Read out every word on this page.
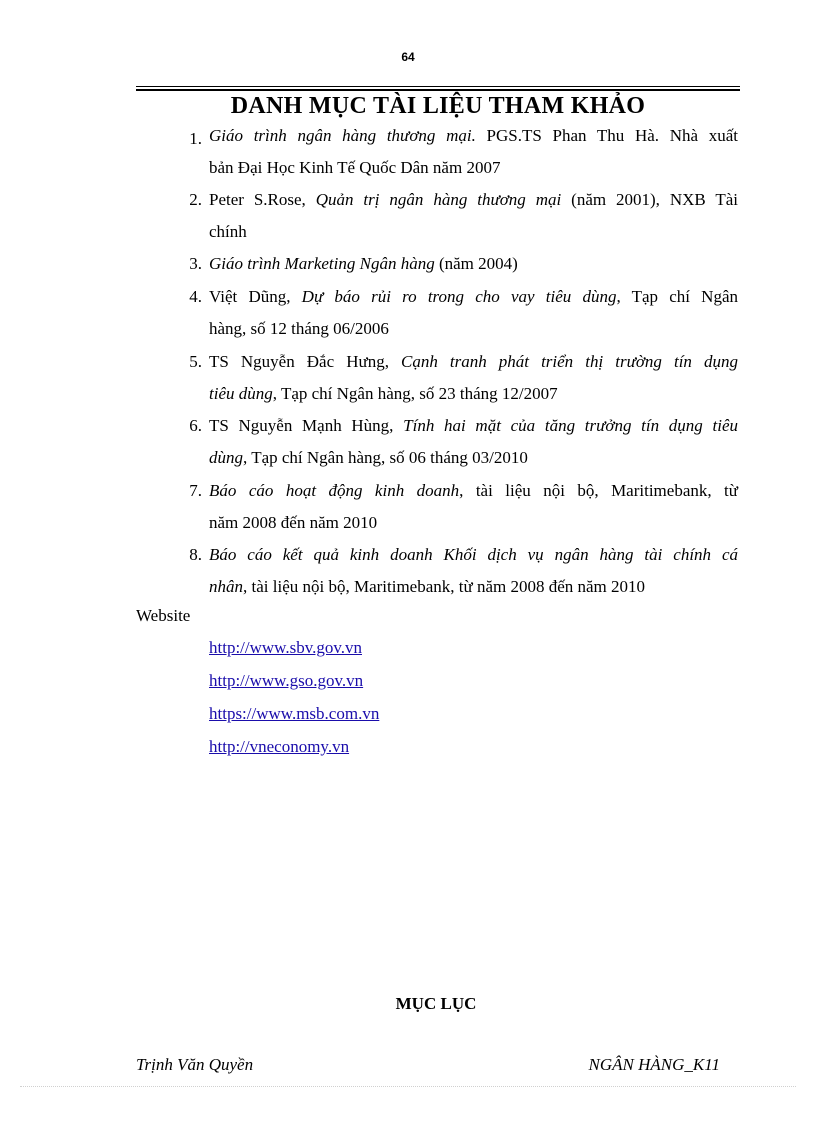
64
DANH MỤC TÀI LIỆU THAM KHẢO
1. Giáo trình ngân hàng thương mại. PGS.TS Phan Thu Hà. Nhà xuất
bản Đại Học Kinh Tế Quốc Dân năm 2007
2. Peter S.Rose, Quản trị ngân hàng thương mại (năm 2001), NXB Tài
chính
3. Giáo trình Marketing Ngân hàng (năm 2004)
4. Việt Dũng, Dự báo rủi ro trong cho vay tiêu dùng, Tạp chí Ngân
hàng, số 12 tháng 06/2006
5. TS Nguyễn Đắc Hưng, Cạnh tranh phát triển thị trường tín dụng
tiêu dùng, Tạp chí Ngân hàng, số 23 tháng 12/2007
6. TS Nguyễn Mạnh Hùng, Tính hai mặt của tăng trưởng tín dụng tiêu
dùng, Tạp chí Ngân hàng, số 06 tháng 03/2010
7. Báo cáo hoạt động kinh doanh, tài liệu nội bộ, Maritimebank, từ
năm 2008 đến năm 2010
8. Báo cáo kết quả kinh doanh Khối dịch vụ ngân hàng tài chính cá
nhân, tài liệu nội bộ, Maritimebank, từ năm 2008 đến năm 2010
Website
http://www.sbv.gov.vn
http://www.gso.gov.vn
https://www.msb.com.vn
http://vneconomy.vn
MỤC LỤC
Trịnh Văn Quyền	NGÂN HÀNG_K11
